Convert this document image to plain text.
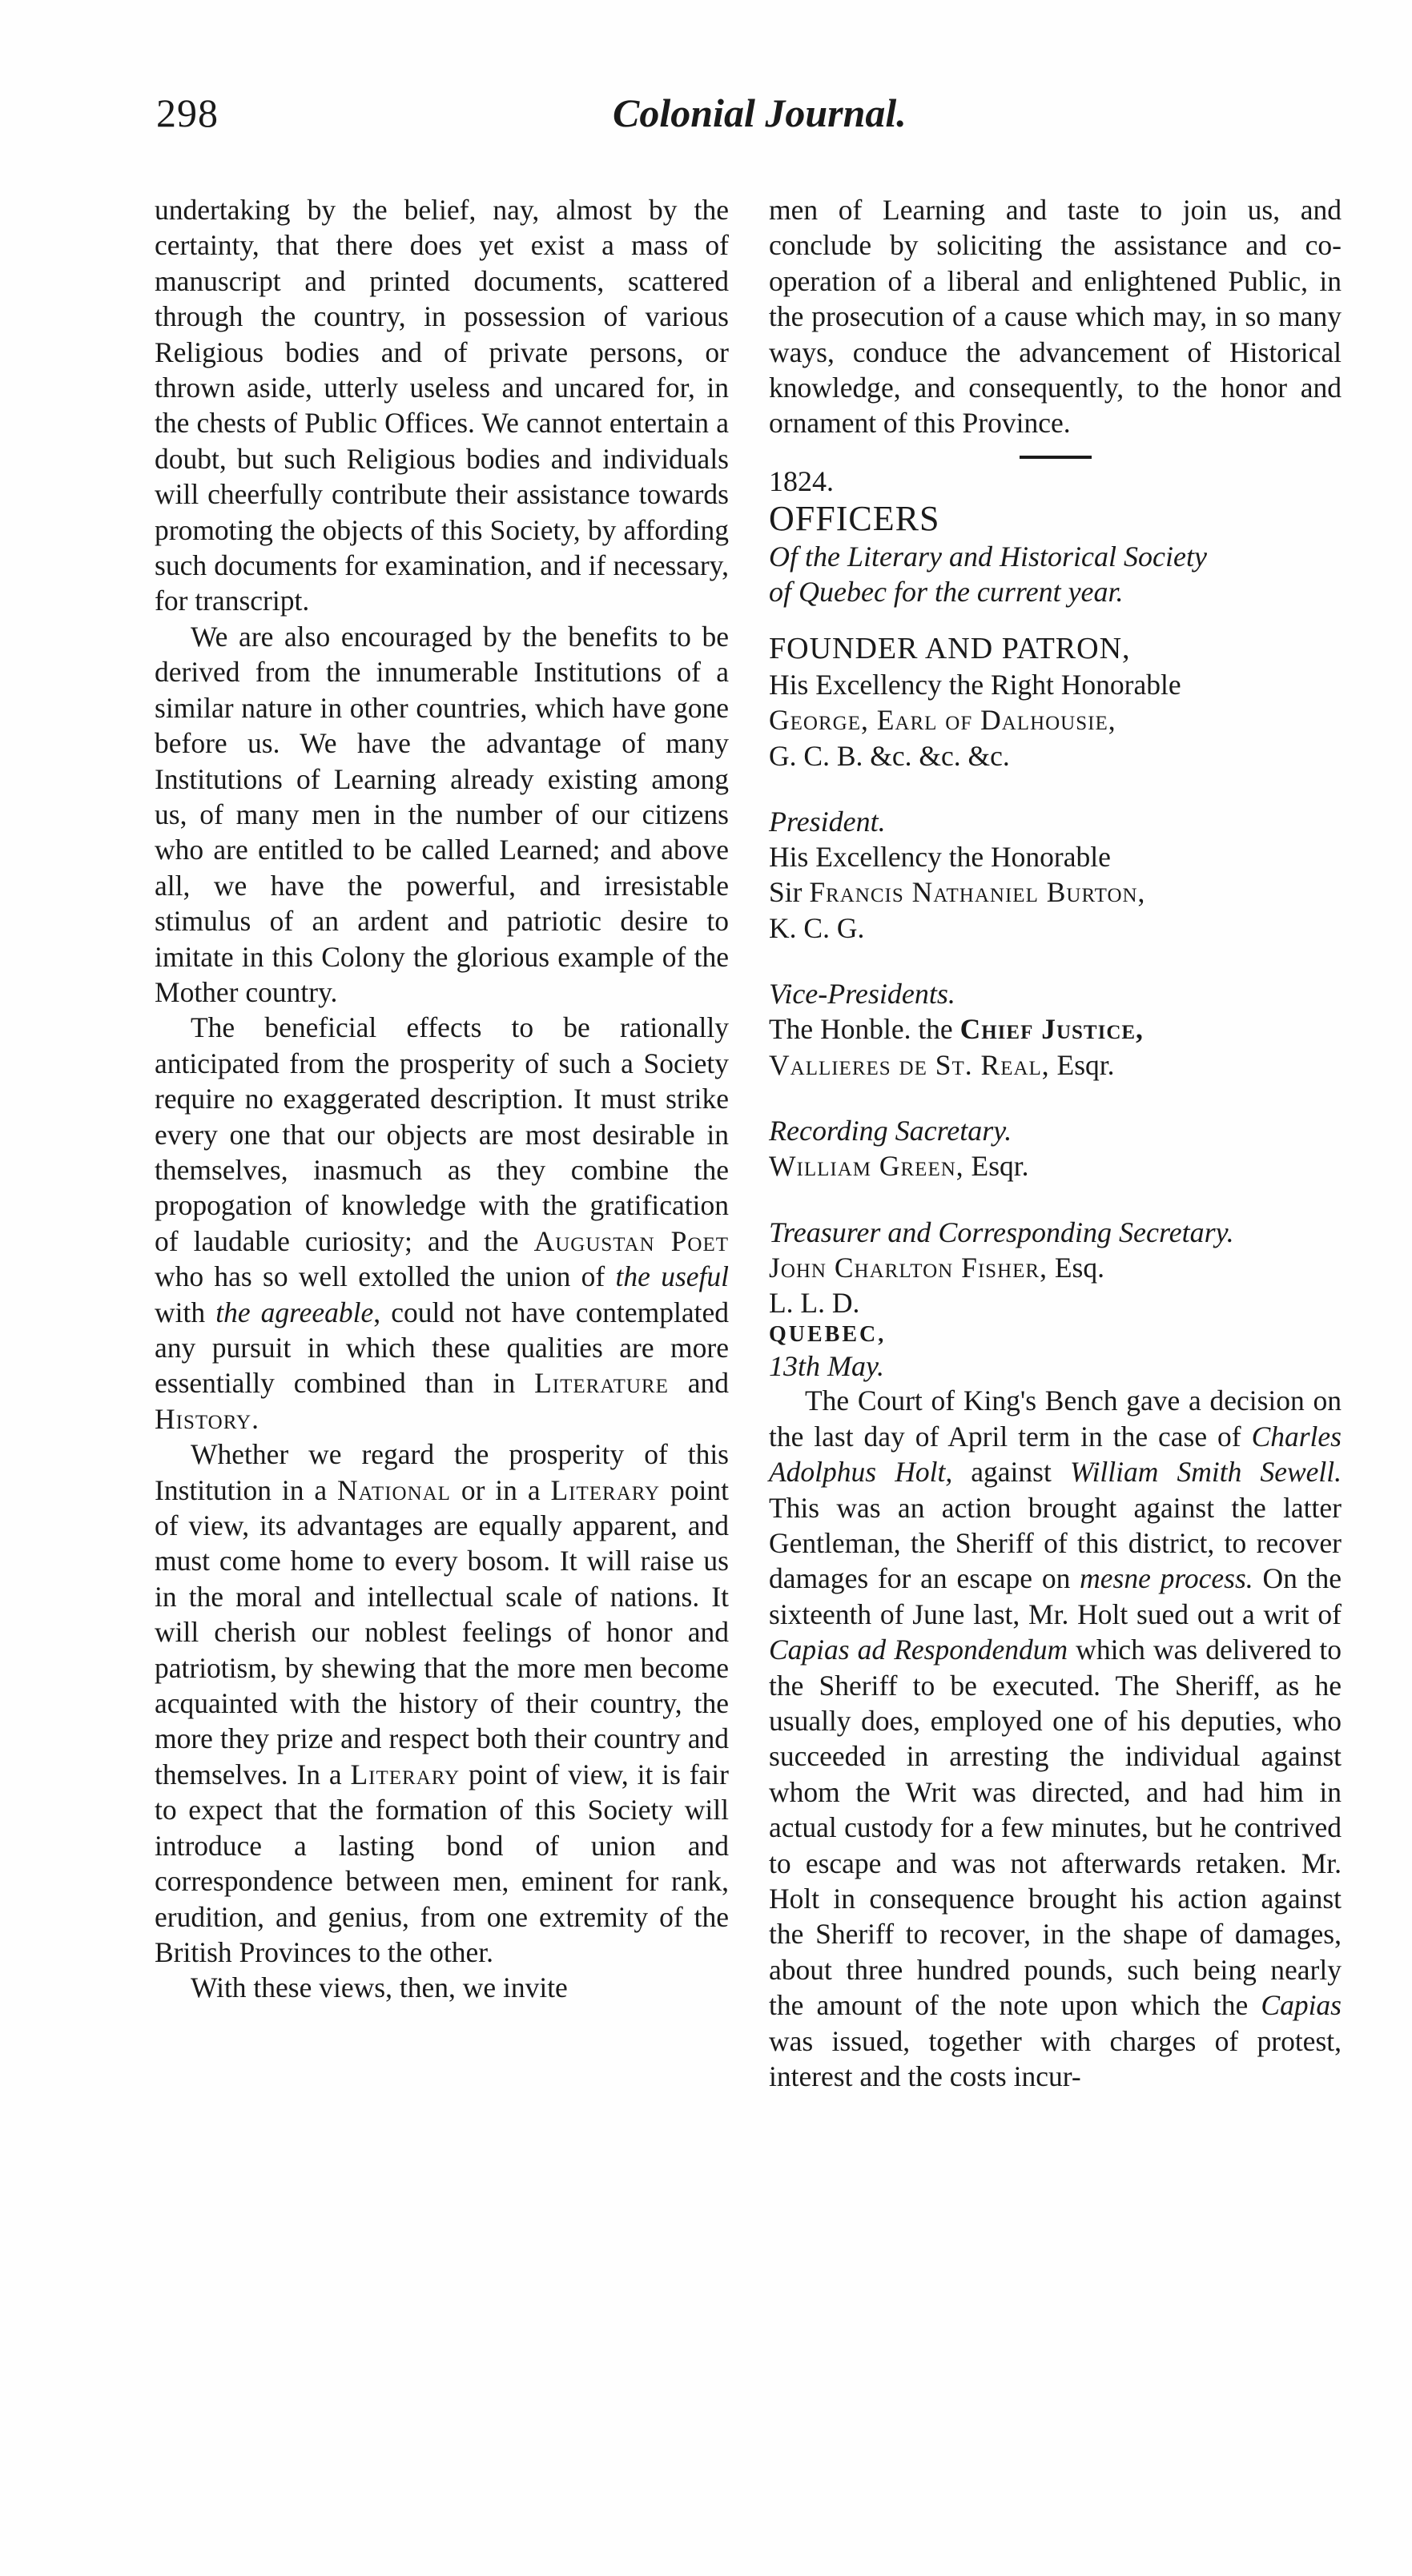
298	Colonial Journal.

undertaking by the belief, nay, almost by the certainty, that there does yet exist a mass of manuscript and printed documents, scattered through the country, in possession of various Religious bodies and of private persons, or thrown aside, utterly useless and uncared for, in the chests of Public Offices. We cannot entertain a doubt, but such Religious bodies and individuals will cheerfully contribute their assistance towards promoting the objects of this Society, by affording such documents for examination, and if necessary, for transcript.

We are also encouraged by the benefits to be derived from the innumerable Institutions of a similar nature in other countries, which have gone before us. We have the advantage of many Institutions of Learning already existing among us, of many men in the number of our citizens who are entitled to be called Learned; and above all, we have the powerful, and irresistable stimulus of an ardent and patriotic desire to imitate in this Colony the glorious example of the Mother country.

The beneficial effects to be rationally anticipated from the prosperity of such a Society require no exaggerated description. It must strike every one that our objects are most desirable in themselves, inasmuch as they combine the propogation of knowledge with the gratification of laudable curiosity; and the Augustan Poet who has so well extolled the union of the useful with the agreeable, could not have contemplated any pursuit in which these qualities are more essentially combined than in Literature and History.

Whether we regard the prosperity of this Institution in a National or in a Literary point of view, its advantages are equally apparent, and must come home to every bosom. It will raise us in the moral and intellectual scale of nations. It will cherish our noblest feelings of honor and patriotism, by shewing that the more men become acquainted with the history of their country, the more they prize and respect both their country and themselves. In a Literary point of view, it is fair to expect that the formation of this Society will introduce a lasting bond of union and correspondence between men, eminent for rank, erudition, and genius, from one extremity of the British Provinces to the other.

With these views, then, we invite

men of Learning and taste to join us, and conclude by soliciting the assistance and co-operation of a liberal and enlightened Public, in the prosecution of a cause which may, in so many ways, conduce the advancement of Historical knowledge, and consequently, to the honor and ornament of this Province.

1824.

OFFICERS

Of the Literary and Historical Society

of Quebec for the current year.

FOUNDER AND PATRON,

His Excellency the Right Honorable

George, Earl of Dalhousie,

G. C. B. &c. &c. &c.

President.

His Excellency the Honorable

Sir Francis Nathaniel Burton,

K. C. G.

Vice-Presidents.

The Honble. the Chief Justice,

Vallieres de St. Real, Esqr.

Recording Sacretary.

William Green, Esqr.

Treasurer and Corresponding Secretary.

John Charlton Fisher, Esq.

L. L. D.

QUEBEC,

13th May.

The Court of King's Bench gave a decision on the last day of April term in the case of Charles Adolphus Holt, against William Smith Sewell. This was an action brought against the latter Gentleman, the Sheriff of this district, to recover damages for an escape on mesne process. On the sixteenth of June last, Mr. Holt sued out a writ of Capias ad Respondendum which was delivered to the Sheriff to be executed. The Sheriff, as he usually does, employed one of his deputies, who succeeded in arresting the individual against whom the Writ was directed, and had him in actual custody for a few minutes, but he contrived to escape and was not afterwards retaken. Mr. Holt in consequence brought his action against the Sheriff to recover, in the shape of damages, about three hundred pounds, such being nearly the amount of the note upon which the Capias was issued, together with charges of protest, interest and the costs incur-
